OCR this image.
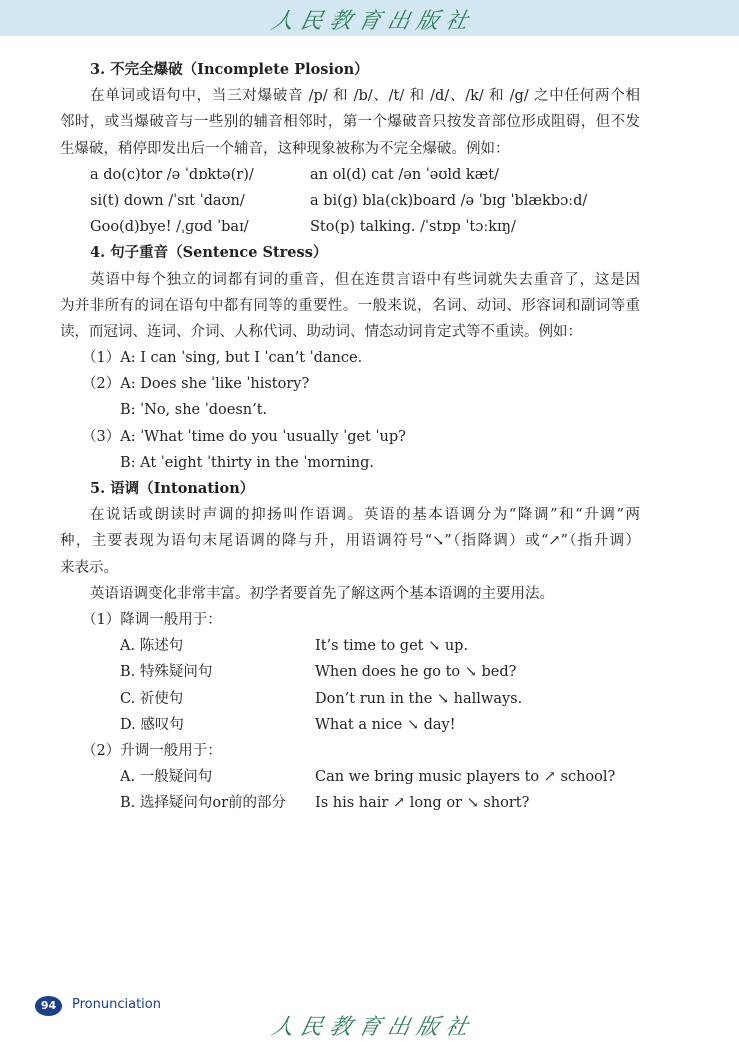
人民教育出版社
3. 不完全爆破（Incomplete Plosion）
在单词或语句中，当三对爆破音 /p/ 和 /b/、/t/ 和 /d/、/k/ 和 /g/ 之中任何两个相
邻时，或当爆破音与一些别的辅音相邻时，第一个爆破音只按发音部位形成阻碍，但不发
生爆破，稍停即发出后一个辅音，这种现象被称为不完全爆破。例如：
a do(c)tor /ə ˈdɒktə(r)/	an ol(d) cat /ən ˈəʊld kæt/
si(t) down /ˈsɪt ˈdaʊn/	a bi(g) bla(ck)board /ə ˈbɪg ˈblækbɔːd/
Goo(d)bye! /ˌɡʊd ˈbaɪ/	Sto(p) talking. /ˈstɒp ˈtɔːkɪŋ/
4. 句子重音（Sentence Stress）
英语中每个独立的词都有词的重音，但在连贯言语中有些词就失去重音了，这是因
为并非所有的词在语句中都有同等的重要性。一般来说，名词、动词、形容词和副词等重
读，而冠词、连词、介词、人称代词、助动词、情态动词肯定式等不重读。例如：
（1）A: I can ˈsing, but I ˈcan’t ˈdance.
（2）A: Does she ˈlike ˈhistory?
B: ˈNo, she ˈdoesn’t.
（3）A: ˈWhat ˈtime do you ˈusually ˈget ˈup?
B: At ˈeight ˈthirty in the ˈmorning.
5. 语调（Intonation）
在说话或朗读时声调的抑扬叫作语调。英语的基本语调分为“降调”和“升调”两
种，主要表现为语句末尾语调的降与升，用语调符号“↘”（指降调）或“↗”（指升调）
来表示。
英语语调变化非常丰富。初学者要首先了解这两个基本语调的主要用法。
（1）降调一般用于：
A. 陈述句	It’s time to get ↘ up.
B. 特殊疑问句	When does he go to ↘ bed?
C. 祈使句	Don’t run in the ↘ hallways.
D. 感叹句	What a nice ↘ day!
（2）升调一般用于：
A. 一般疑问句	Can we bring music players to ↗ school?
B. 选择疑问句or前的部分 Is his hair ↗ long or ↘ short?
94	Pronunciation
人民教育出版社
